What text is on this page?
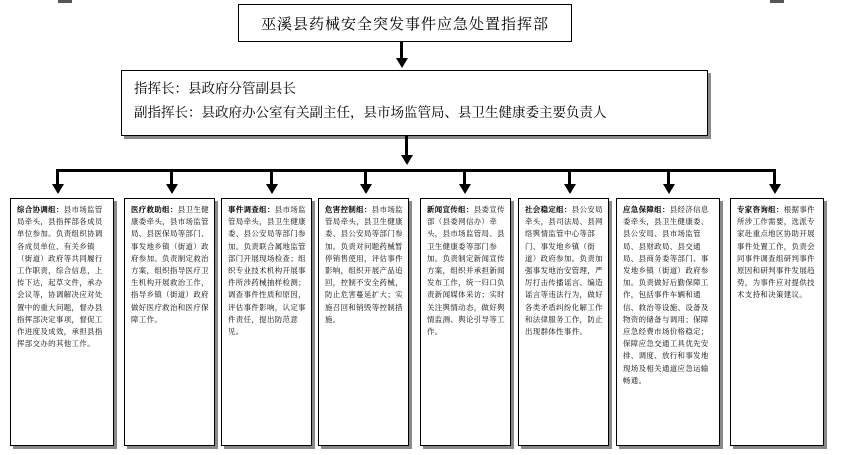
巫溪县药械安全突发事件应急处置指挥部
指挥长：县政府分管副县长
副指挥长：县政府办公室有关副主任，县市场监管局、县卫生健康委主要负责人
综合协调组：县市场监管局牵头，县指挥部各成员单位参加。负责组织协调各成员单位、有关乡镇（街道）政府等共同履行工作职责，综合信息，上传下达，起草文件，承办会议等，协调解决应对处置中的重大问题，督办县指挥部决定事项，督促工作进度及成效，承担县指挥部交办的其他工作。
医疗救助组：县卫生健康委牵头，县市场监管局、县医保局等部门、事发地乡镇（街道）政府参加。负责制定救治方案，组织指导医疗卫生机构开展救治工作，指导乡镇（街道）政府做好医疗救治和医疗保障工作。
事件调查组：县市场监管局牵头，县卫生健康委、县公安局等部门参加。负责联合属地监管部门开展现场检查；组织专业技术机构开展事件所涉药械抽样检测；调查事件性质和原因，评估事件影响，认定事件责任，提出防范意见。
危害控制组：县市场监管局牵头，县卫生健康委、县公安局等部门参加。负责对问题药械暂停销售使用，评估事件影响，组织开展产品追回，控制不安全药械，防止危害蔓延扩大；实施召回和销毁等控制措施。
新闻宣传组：县委宣传部（县委网信办）牵头，县市场监管局、县卫生健康委等部门参加。负责制定新闻宣传方案，组织并承担新闻发布工作，统一归口负责新闻媒体采访；实时关注舆情动态，做好舆情监测、舆论引导等工作。
社会稳定组：县公安局牵头，县司法局、县网络舆情监管中心等部门、事发地乡镇（街道）政府参加。负责加强事发地治安管理，严厉打击传播谣言、编造谣言等违法行为，做好各类矛盾纠纷化解工作和法律服务工作，防止出现群体性事件。
应急保障组：县经济信息委牵头，县卫生健康委、县公安局、县市场监管局、县财政局、县交通局、县商务委等部门、事发地乡镇（街道）政府参加。负责做好后勤保障工作，包括事件车辆和通信、救治等设施、设备及物资的储备与调用；保障应急经费市场价格稳定；保障应急交通工具优先安排、调度、放行和事发地现场及相关通道应急运输畅通。
专家咨询组：根据事件所涉工作需要，选派专家赴重点地区协助开展事件处置工作，负责会同事件调查组研判事件原因和研判事件发展趋势，为事件应对提供技术支持和决策建议。
